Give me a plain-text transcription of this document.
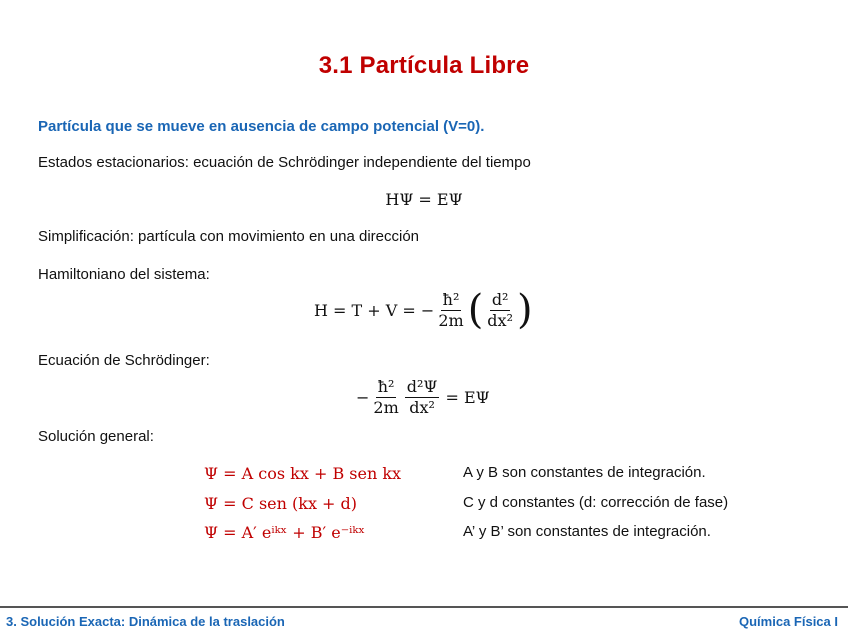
3.1 Partícula Libre
Partícula que se mueve en ausencia de campo potencial (V=0).
Estados estacionarios: ecuación de Schrödinger independiente del tiempo
HΨ = EΨ
Simplificación: partícula con movimiento en una dirección
Hamiltoniano del sistema:
H = T + V = − $\frac{\text{ħ²}}{2m}$ ( $\frac{\text{d²}}{\text{dx²}}$ )
Ecuación de Schrödinger:
− $\frac{\text{ħ²}}{2m} \frac{\text{d²Ψ}}{\text{dx²}} = E\Psi$
Solución general:
Ψ = A cos kx + B sen kx	A y B son constantes de integración.
Ψ = C sen (kx + d)	C y d constantes (d: corrección de fase)
Ψ = A′ eⁱᵏˣ + B′ e⁻ⁱᵏˣ	A’ y B’ son constantes de integración.
3. Solución Exacta: Dinámica de la traslación	Química Física I
